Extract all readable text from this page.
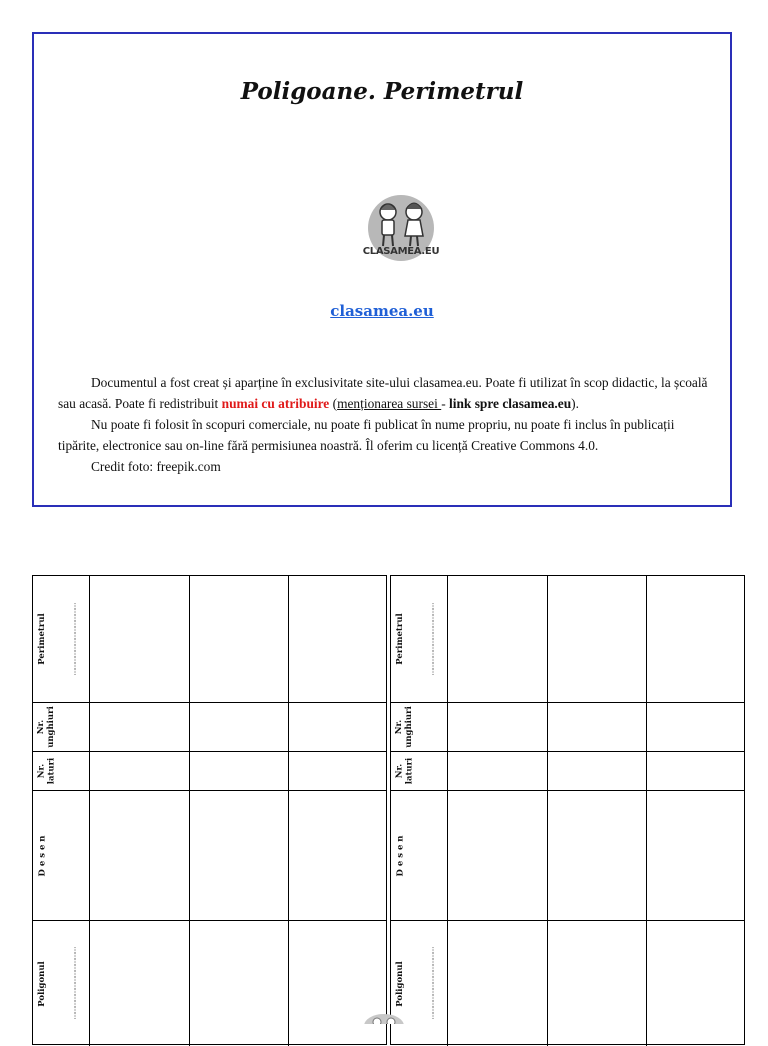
Poligoane. Perimetrul
CLASAMEA.EU
clasamea.eu

Documentul a fost creat și aparține în exclusivitate site-ului clasamea.eu. Poate fi utilizat în scop didactic, la școală sau acasă. Poate fi redistribuit numai cu atribuire (menționarea sursei - link spre clasamea.eu).

Nu poate fi folosit în scopuri comerciale, nu poate fi publicat în nume propriu, nu poate fi inclus în publicații tipărite, electronice sau on-line fără permisiunea noastră. Îl oferim cu licență Creative Commons 4.0.

Credit foto: freepik.com

Perimetrul	………………………………
Nr. unghiuri
Nr. laturi
D e s e n
Poligonul	………………………………
Perimetrul	………………………………
Nr. unghiuri
Nr. laturi
D e s e n
Poligonul	………………………………
